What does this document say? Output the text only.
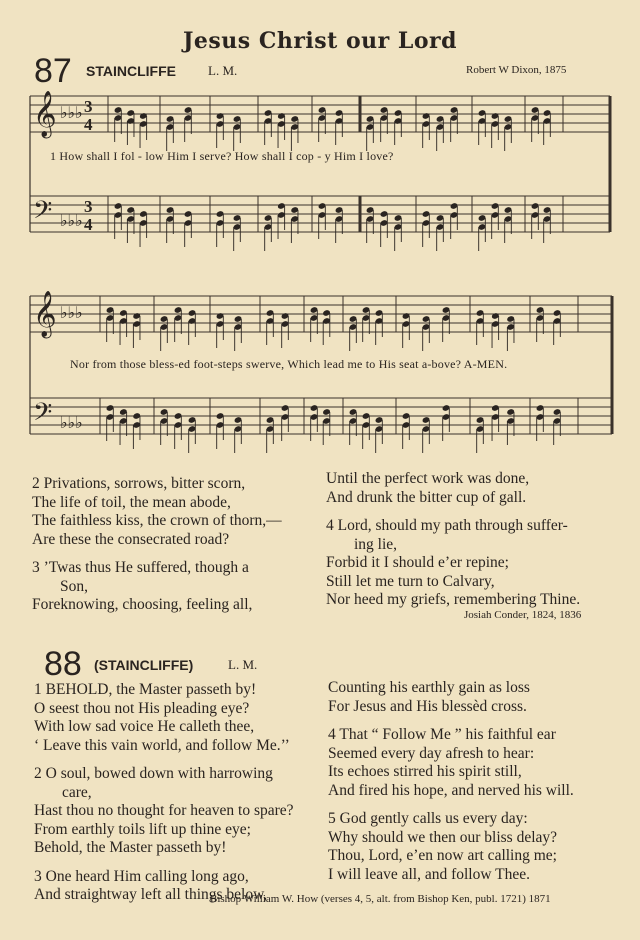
Jesus Christ our Lord
87 STAINCLIFFE L. M.	Robert W Dixon, 1875
𝄞
𝄢
♭♭♭
♭♭♭
3
4
3
4
𝄞
𝄢
♭♭♭
♭♭♭
1 How shall I fol - low Him I serve? How shall I cop - y Him I love?
Nor from those bless-ed foot-steps swerve, Which lead me to His seat a-bove? A-MEN.
2 Privations, sorrows, bitter scorn,
The life of toil, the mean abode,
The faithless kiss, the crown of thorn,—
Are these the consecrated road?
3 ’Twas thus He suffered, though a
Son,
Foreknowing, choosing, feeling all,
Until the perfect work was done,
And drunk the bitter cup of gall.
4 Lord, should my path through suffer-
ing lie,
Forbid it I should e’er repine;
Still let me turn to Calvary,
Nor heed my griefs, remembering Thine.
Josiah Conder, 1824, 1836
88 (STAINCLIFFE)	L. M.
1 BEHOLD, the Master passeth by!
O seest thou not His pleading eye?
With low sad voice He calleth thee,
‘ Leave this vain world, and follow Me.’’
2 O soul, bowed down with harrowing
care,
Hast thou no thought for heaven to spare?
From earthly toils lift up thine eye;
Behold, the Master passeth by!
3 One heard Him calling long ago,
And straightway left all things below,
Counting his earthly gain as loss
For Jesus and His blessèd cross.
4 That “ Follow Me ” his faithful ear
Seemed every day afresh to hear:
Its echoes stirred his spirit still,
And fired his hope, and nerved his will.
5 God gently calls us every day:
Why should we then our bliss delay?
Thou, Lord, e’en now art calling me;
I will leave all, and follow Thee.
Bishop William W. How (verses 4, 5, alt. from Bishop Ken, publ. 1721) 1871
